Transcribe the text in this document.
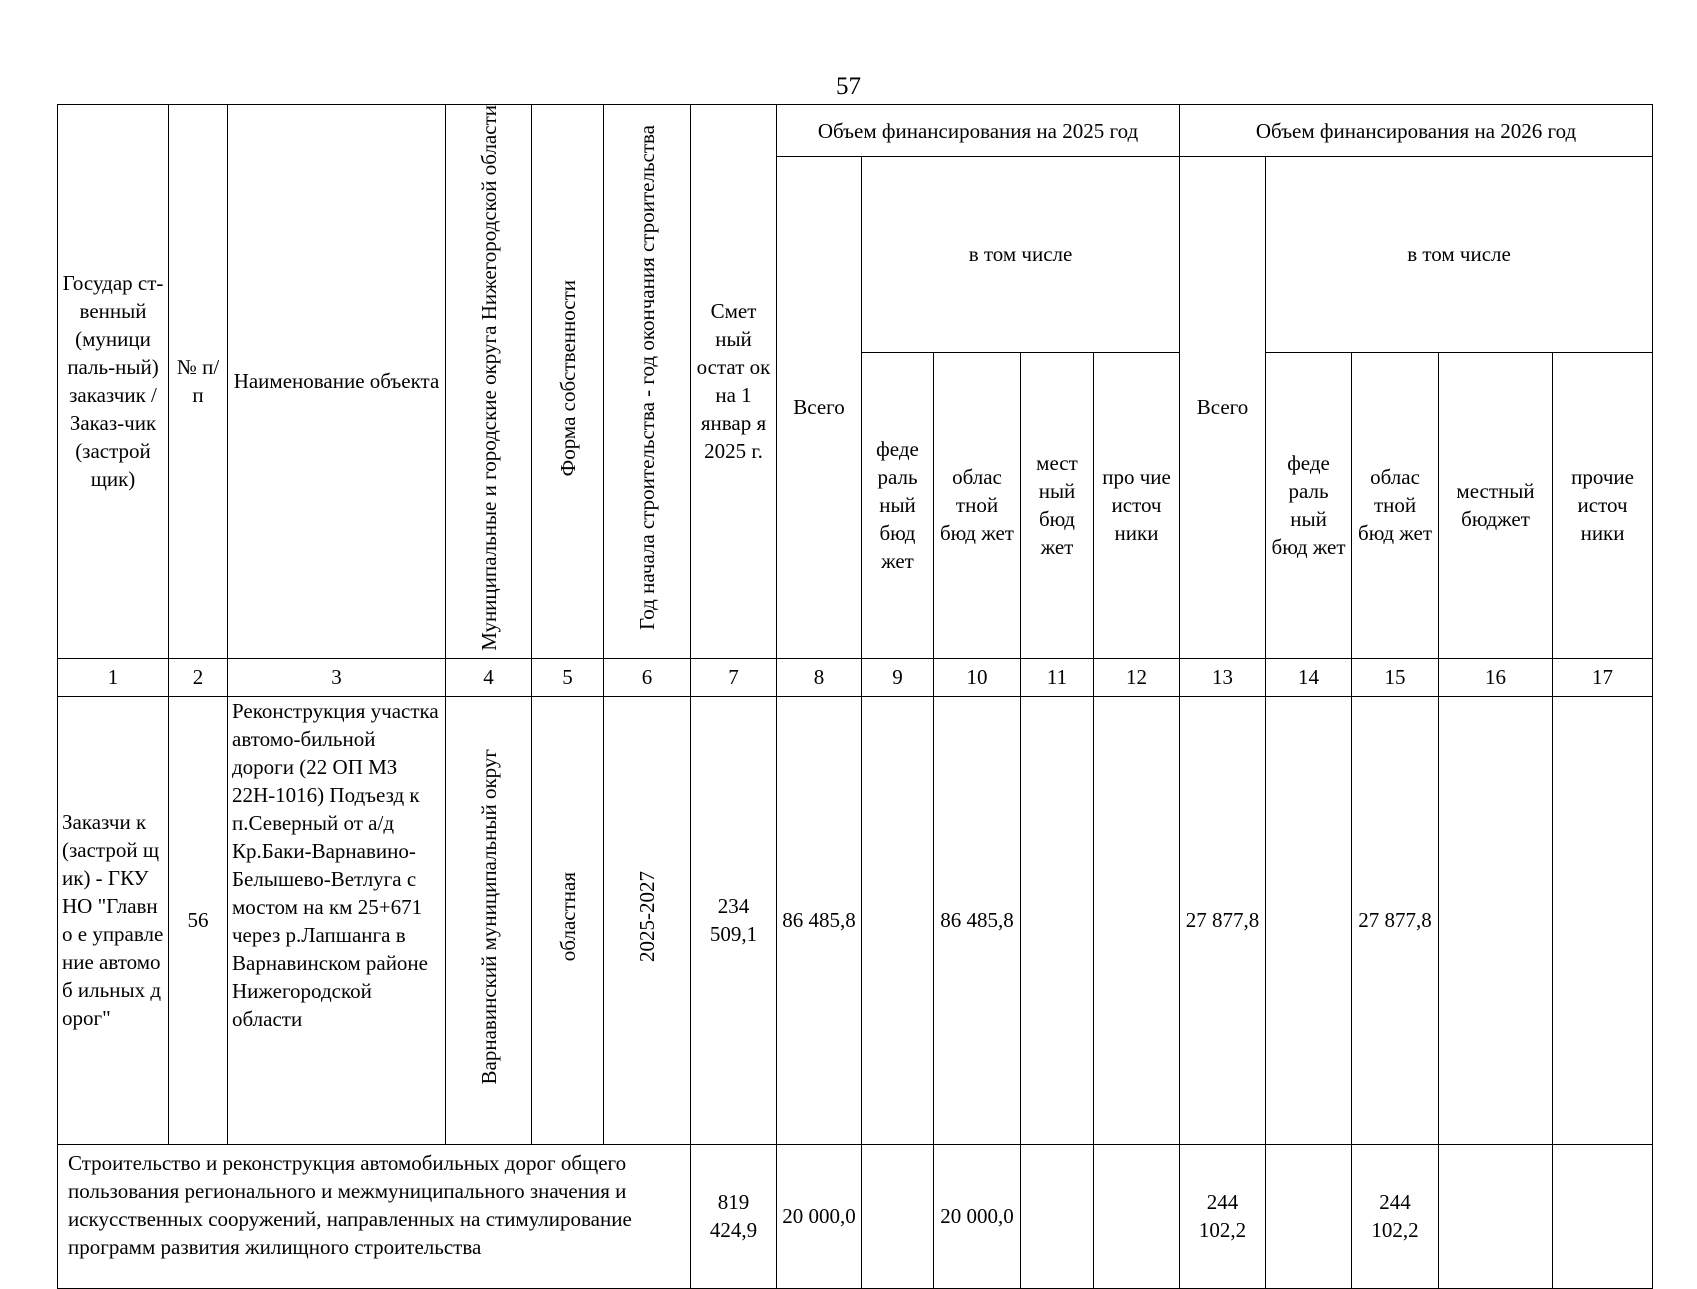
57
Государ ст-венный (муници паль-ный) заказчик / Заказ-чик (застрой щик)	№ п/п	Наименование объекта	Муниципальные и городские округа Нижегородской области	Форма собственности	Год начала строительства - год окончания строительства	Смет ный остат ок на 1 январ я 2025 г.	Объем финансирования на 2025 год					Объем финансирования на 2026 год				
							Всего	в том числе				Всего	в том числе			
								феде раль ный бюд жет	облас тной бюд жет	мест ный бюд жет	про чие источ ники		феде раль ный бюд жет	облас тной бюд жет	местный бюджет	прочие источ ники
1	2	3	4	5	6	7	8	9	10	11	12	13	14	15	16	17
Заказчи к (застрой щик) - ГКУ НО "Главно е управле ние автомоб ильных дорог"	56	Реконструкция участка автомо-бильной дороги (22 ОП МЗ 22Н-1016) Подъезд к п.Северный от а/д Кр.Баки-Варнавино-Белышево-Ветлуга с мостом на км 25+671 через р.Лапшанга в Варнавинском районе Нижегородской области	Варнавинский муниципальный округ	областная	2025-2027	234 509,1	86 485,8		86 485,8			27 877,8		27 877,8		
Строительство и реконструкция автомобильных дорог общего пользования регионального и межмуниципального значения и искусственных сооружений, направленных на стимулирование программ развития жилищного строительства						819 424,9	20 000,0		20 000,0			244 102,2		244 102,2		
